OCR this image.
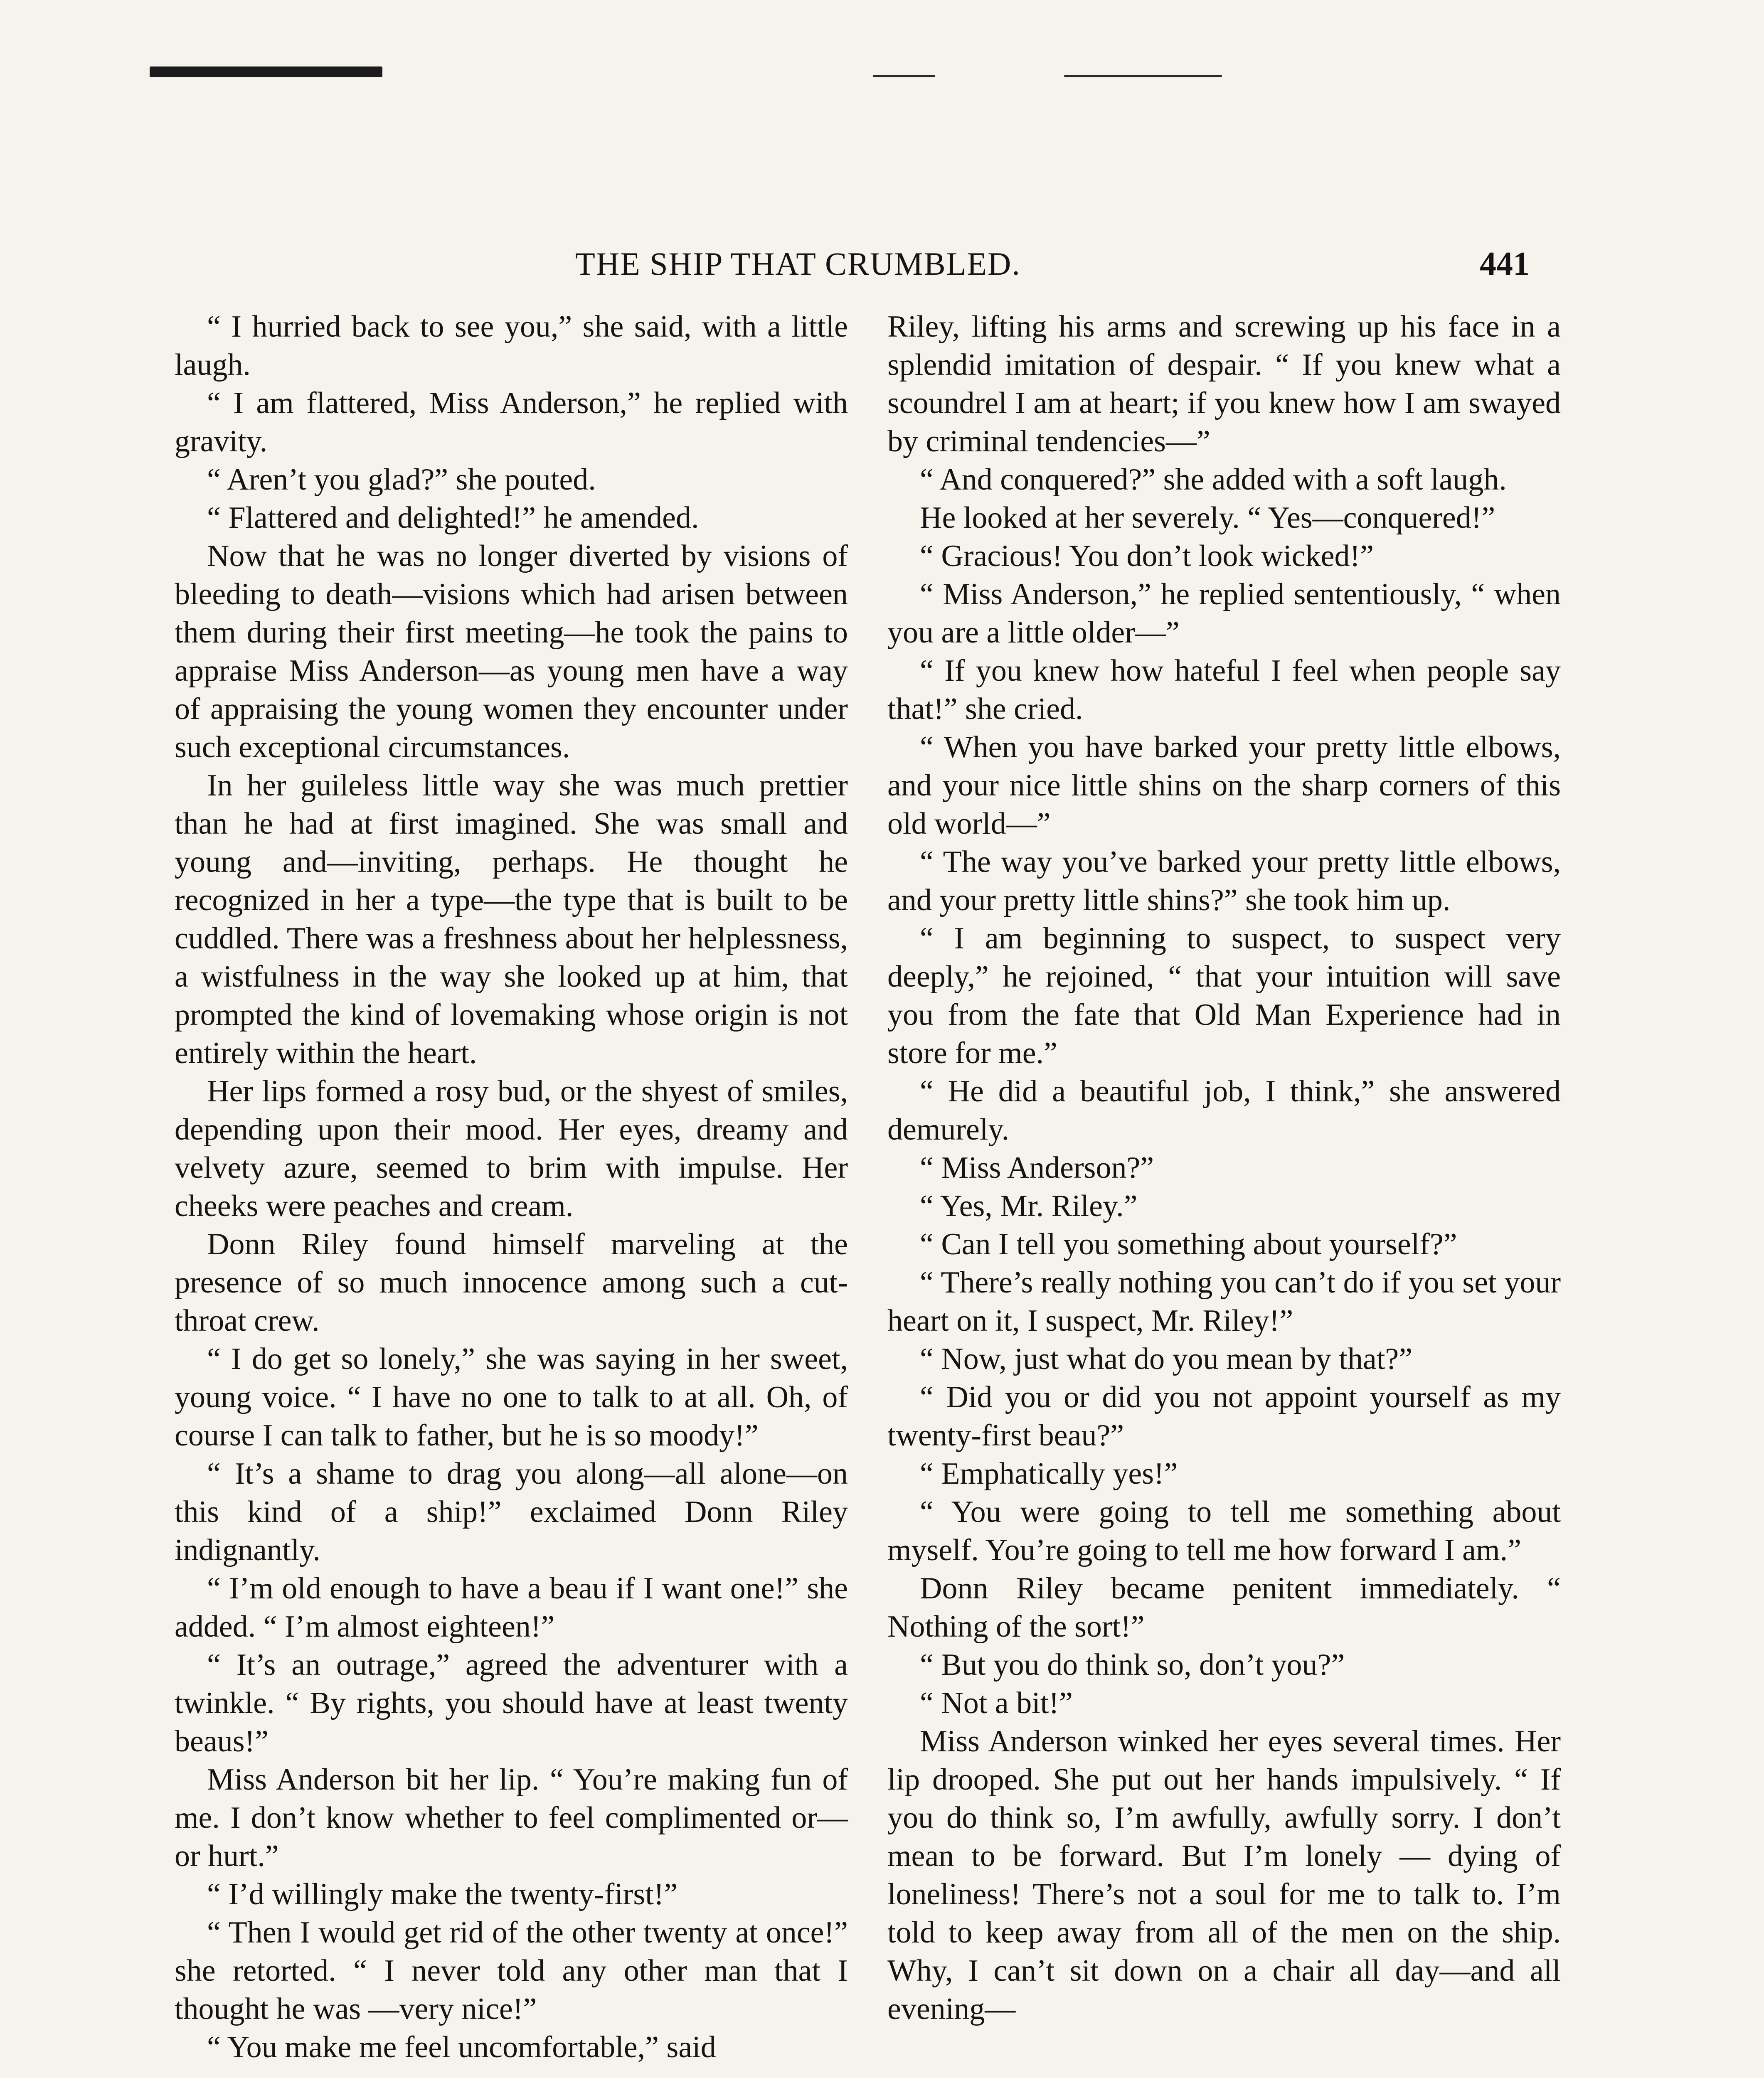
THE SHIP THAT CRUMBLED.	441

“ I hurried back to see you,” she said, with a little laugh.

“ I am flattered, Miss Anderson,” he replied with gravity.

“ Aren’t you glad?” she pouted.

“ Flattered and delighted!” he amended.

Now that he was no longer diverted by visions of bleeding to death—visions which had arisen between them during their first meeting—he took the pains to appraise Miss Anderson—as young men have a way of appraising the young women they encounter under such exceptional circumstances.

In her guileless little way she was much prettier than he had at first imagined. She was small and young and—inviting, perhaps. He thought he recognized in her a type—the type that is built to be cuddled. There was a freshness about her helplessness, a wistfulness in the way she looked up at him, that prompted the kind of lovemaking whose origin is not entirely within the heart.

Her lips formed a rosy bud, or the shyest of smiles, depending upon their mood. Her eyes, dreamy and velvety azure, seemed to brim with impulse. Her cheeks were peaches and cream.

Donn Riley found himself marveling at the presence of so much innocence among such a cut-throat crew.

“ I do get so lonely,” she was saying in her sweet, young voice. “ I have no one to talk to at all. Oh, of course I can talk to father, but he is so moody!”

“ It’s a shame to drag you along—all alone—on this kind of a ship!” exclaimed Donn Riley indignantly.

“ I’m old enough to have a beau if I want one!” she added. “ I’m almost eighteen!”

“ It’s an outrage,” agreed the adventurer with a twinkle. “ By rights, you should have at least twenty beaus!”

Miss Anderson bit her lip. “ You’re making fun of me. I don’t know whether to feel complimented or—or hurt.”

“ I’d willingly make the twenty-first!”

“ Then I would get rid of the other twenty at once!” she retorted. “ I never told any other man that I thought he was —very nice!”

“ You make me feel uncomfortable,” said

Riley, lifting his arms and screwing up his face in a splendid imitation of despair. “ If you knew what a scoundrel I am at heart; if you knew how I am swayed by criminal tendencies—”

“ And conquered?” she added with a soft laugh.

He looked at her severely. “ Yes—conquered!”

“ Gracious! You don’t look wicked!”

“ Miss Anderson,” he replied sententiously, “ when you are a little older—”

“ If you knew how hateful I feel when people say that!” she cried.

“ When you have barked your pretty little elbows, and your nice little shins on the sharp corners of this old world—”

“ The way you’ve barked your pretty little elbows, and your pretty little shins?” she took him up.

“ I am beginning to suspect, to suspect very deeply,” he rejoined, “ that your intuition will save you from the fate that Old Man Experience had in store for me.”

“ He did a beautiful job, I think,” she answered demurely.

“ Miss Anderson?”

“ Yes, Mr. Riley.”

“ Can I tell you something about yourself?”

“ There’s really nothing you can’t do if you set your heart on it, I suspect, Mr. Riley!”

“ Now, just what do you mean by that?”

“ Did you or did you not appoint yourself as my twenty-first beau?”

“ Emphatically yes!”

“ You were going to tell me something about myself. You’re going to tell me how forward I am.”

Donn Riley became penitent immediately. “ Nothing of the sort!”

“ But you do think so, don’t you?”

“ Not a bit!”

Miss Anderson winked her eyes several times. Her lip drooped. She put out her hands impulsively. “ If you do think so, I’m awfully, awfully sorry. I don’t mean to be forward. But I’m lonely — dying of loneliness! There’s not a soul for me to talk to. I’m told to keep away from all of the men on the ship. Why, I can’t sit down on a chair all day—and all evening—
